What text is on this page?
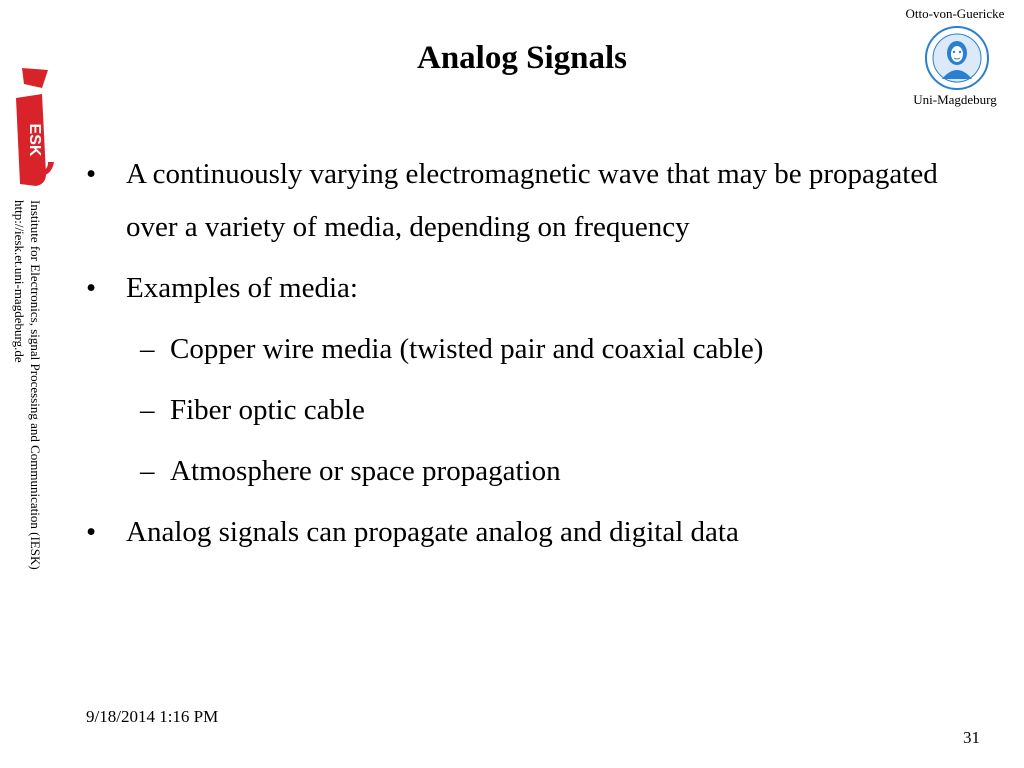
Analog Signals
Otto-von-Guericke
Uni-Magdeburg
ESK
Institute for Electronics, signal Processing and Communication (IESK)
http://iesk.et.uni-magdeburg.de
• A continuously varying electromagnetic wave that may be propagated over a variety of media, depending on frequency
• Examples of media:
– Copper wire media (twisted pair and coaxial cable)
– Fiber optic cable
– Atmosphere or space propagation
• Analog signals can propagate analog and digital data
9/18/2014 1:16 PM
31
